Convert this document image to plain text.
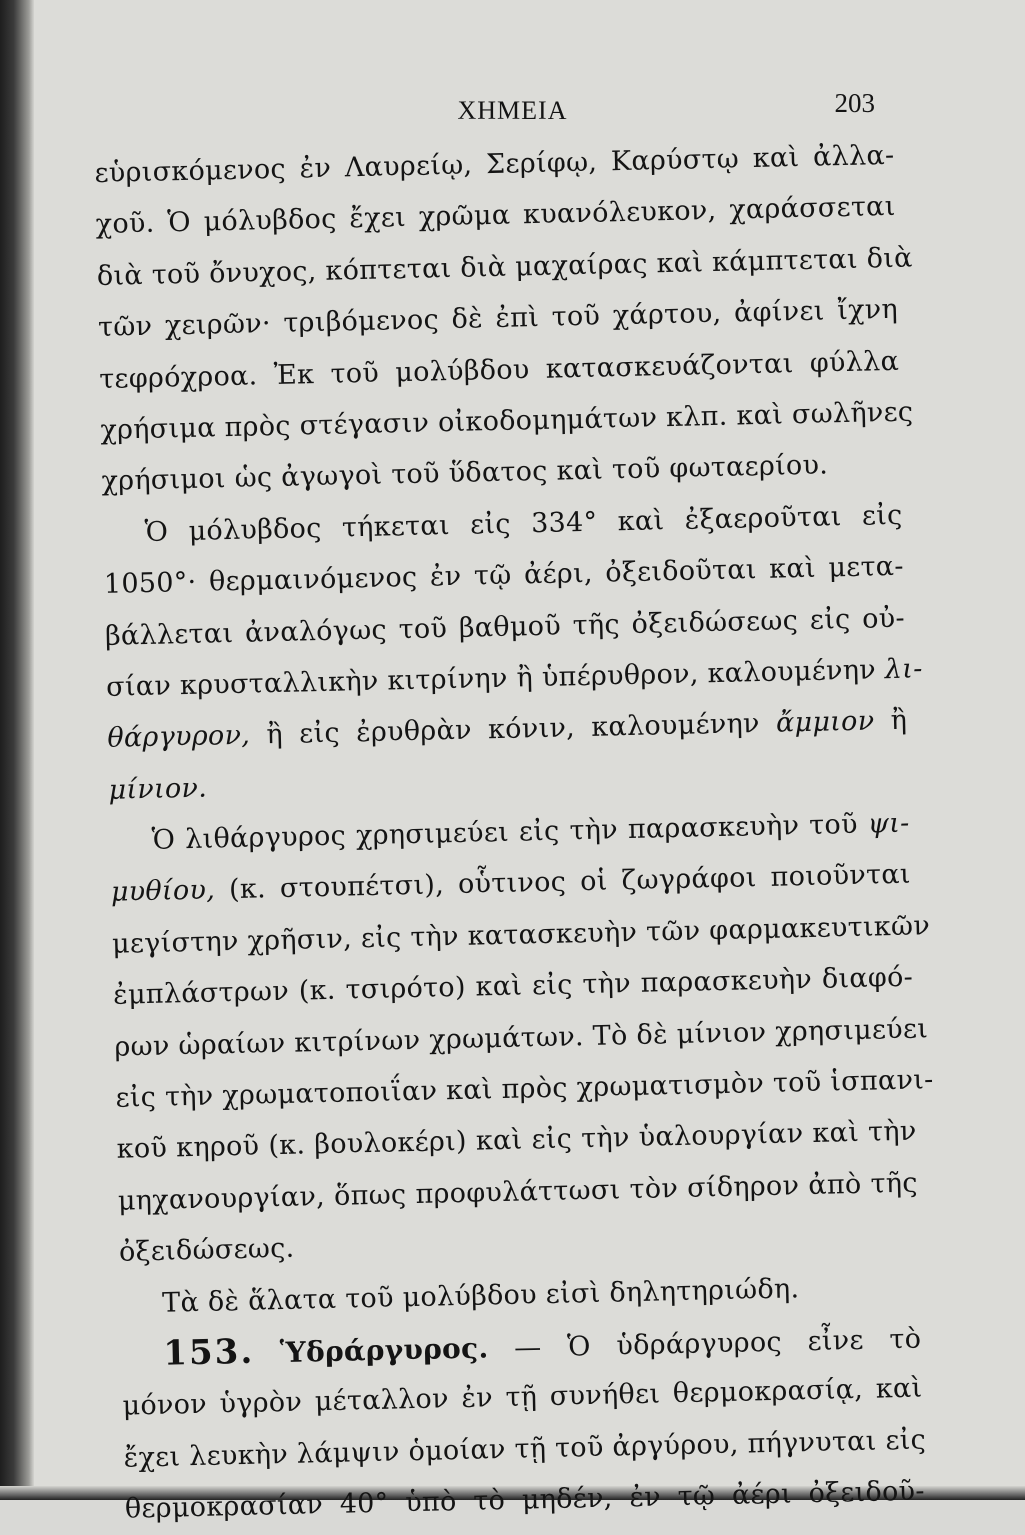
ΧΗΜΕΙΑ	203
εὑρισκόμενος ἐν Λαυρείῳ, Σερίφῳ, Καρύστῳ καὶ ἀλλα-
χοῦ. Ὁ μόλυβδος ἔχει χρῶμα κυανόλευκον, χαράσσεται
διὰ τοῦ ὄνυχος, κόπτεται διὰ μαχαίρας καὶ κάμπτεται διὰ
τῶν χειρῶν· τριβόμενος δὲ ἐπὶ τοῦ χάρτου, ἀφίνει ἴχνη
τεφρόχροα. Ἐκ τοῦ μολύβδου κατασκευάζονται φύλλα
χρήσιμα πρὸς στέγασιν οἰκοδομημάτων κλπ. καὶ σωλῆνες
χρήσιμοι ὡς ἀγωγοὶ τοῦ ὕδατος καὶ τοῦ φωταερίου.
Ὁ μόλυβδος τήκεται εἰς 334° καὶ ἐξαεροῦται εἰς
1050°· θερμαινόμενος ἐν τῷ ἀέρι, ὀξειδοῦται καὶ μετα-
βάλλεται ἀναλόγως τοῦ βαθμοῦ τῆς ὀξειδώσεως εἰς οὐ-
σίαν κρυσταλλικὴν κιτρίνην ἢ ὑπέρυθρον, καλουμένην λι-
θάργυρον, ἢ εἰς ἐρυθρὰν κόνιν, καλουμένην ἄμμιον ἢ
μίνιον.
Ὁ λιθάργυρος χρησιμεύει εἰς τὴν παρασκευὴν τοῦ ψι-
μυθίου, (κ. στουπέτσι), οὗτινος οἱ ζωγράφοι ποιοῦνται
μεγίστην χρῆσιν, εἰς τὴν κατασκευὴν τῶν φαρμακευτικῶν
ἐμπλάστρων (κ. τσιρότο) καὶ εἰς τὴν παρασκευὴν διαφό-
ρων ὡραίων κιτρίνων χρωμάτων. Τὸ δὲ μίνιον χρησιμεύει
εἰς τὴν χρωματοποιΐαν καὶ πρὸς χρωματισμὸν τοῦ ἱσπανι-
κοῦ κηροῦ (κ. βουλοκέρι) καὶ εἰς τὴν ὑαλουργίαν καὶ τὴν
μηχανουργίαν, ὅπως προφυλάττωσι τὸν σίδηρον ἀπὸ τῆς
ὀξειδώσεως.
Τὰ δὲ ἅλατα τοῦ μολύβδου εἰσὶ δηλητηριώδη.
153. Ὑδράργυρος. — Ὁ ὑδράργυρος εἶνε τὸ
μόνον ὑγρὸν μέταλλον ἐν τῇ συνήθει θερμοκρασίᾳ, καὶ
ἔχει λευκὴν λάμψιν ὁμοίαν τῇ τοῦ ἀργύρου, πήγνυται εἰς
θερμοκρασίαν 40° ὑπὸ τὸ μηδέν, ἐν τῷ ἀέρι ὀξειδοῦ-
